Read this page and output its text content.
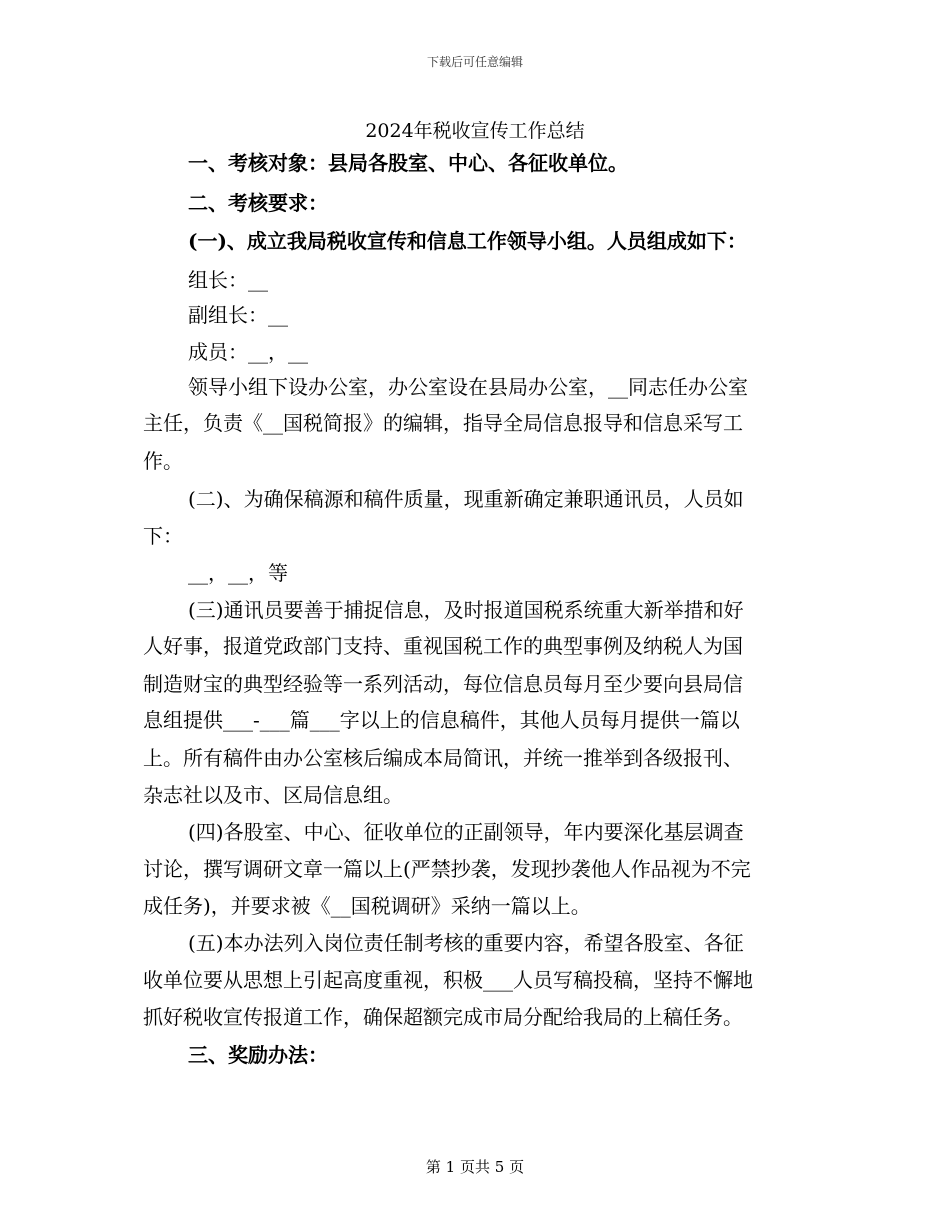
下载后可任意编辑
2024年税收宣传工作总结
一、考核对象：县局各股室、中心、各征收单位。
二、考核要求：
(一)、成立我局税收宣传和信息工作领导小组。人员组成如下：
组长：__
副组长：__
成员：__，__
领导小组下设办公室，办公室设在县局办公室，__同志任办公室
主任，负责《__国税简报》的编辑，指导全局信息报导和信息采写工
作。
(二)、为确保稿源和稿件质量，现重新确定兼职通讯员，人员如
下：
__，__，等
(三)通讯员要善于捕捉信息，及时报道国税系统重大新举措和好
人好事，报道党政部门支持、重视国税工作的典型事例及纳税人为国
制造财宝的典型经验等一系列活动，每位信息员每月至少要向县局信
息组提供___-___篇___字以上的信息稿件，其他人员每月提供一篇以
上。所有稿件由办公室核后编成本局简讯，并统一推举到各级报刊、
杂志社以及市、区局信息组。
(四)各股室、中心、征收单位的正副领导，年内要深化基层调查
讨论，撰写调研文章一篇以上(严禁抄袭，发现抄袭他人作品视为不完
成任务)，并要求被《__国税调研》采纳一篇以上。
(五)本办法列入岗位责任制考核的重要内容，希望各股室、各征
收单位要从思想上引起高度重视，积极___人员写稿投稿，坚持不懈地
抓好税收宣传报道工作，确保超额完成市局分配给我局的上稿任务。
三、奖励办法：
第 1 页共 5 页
